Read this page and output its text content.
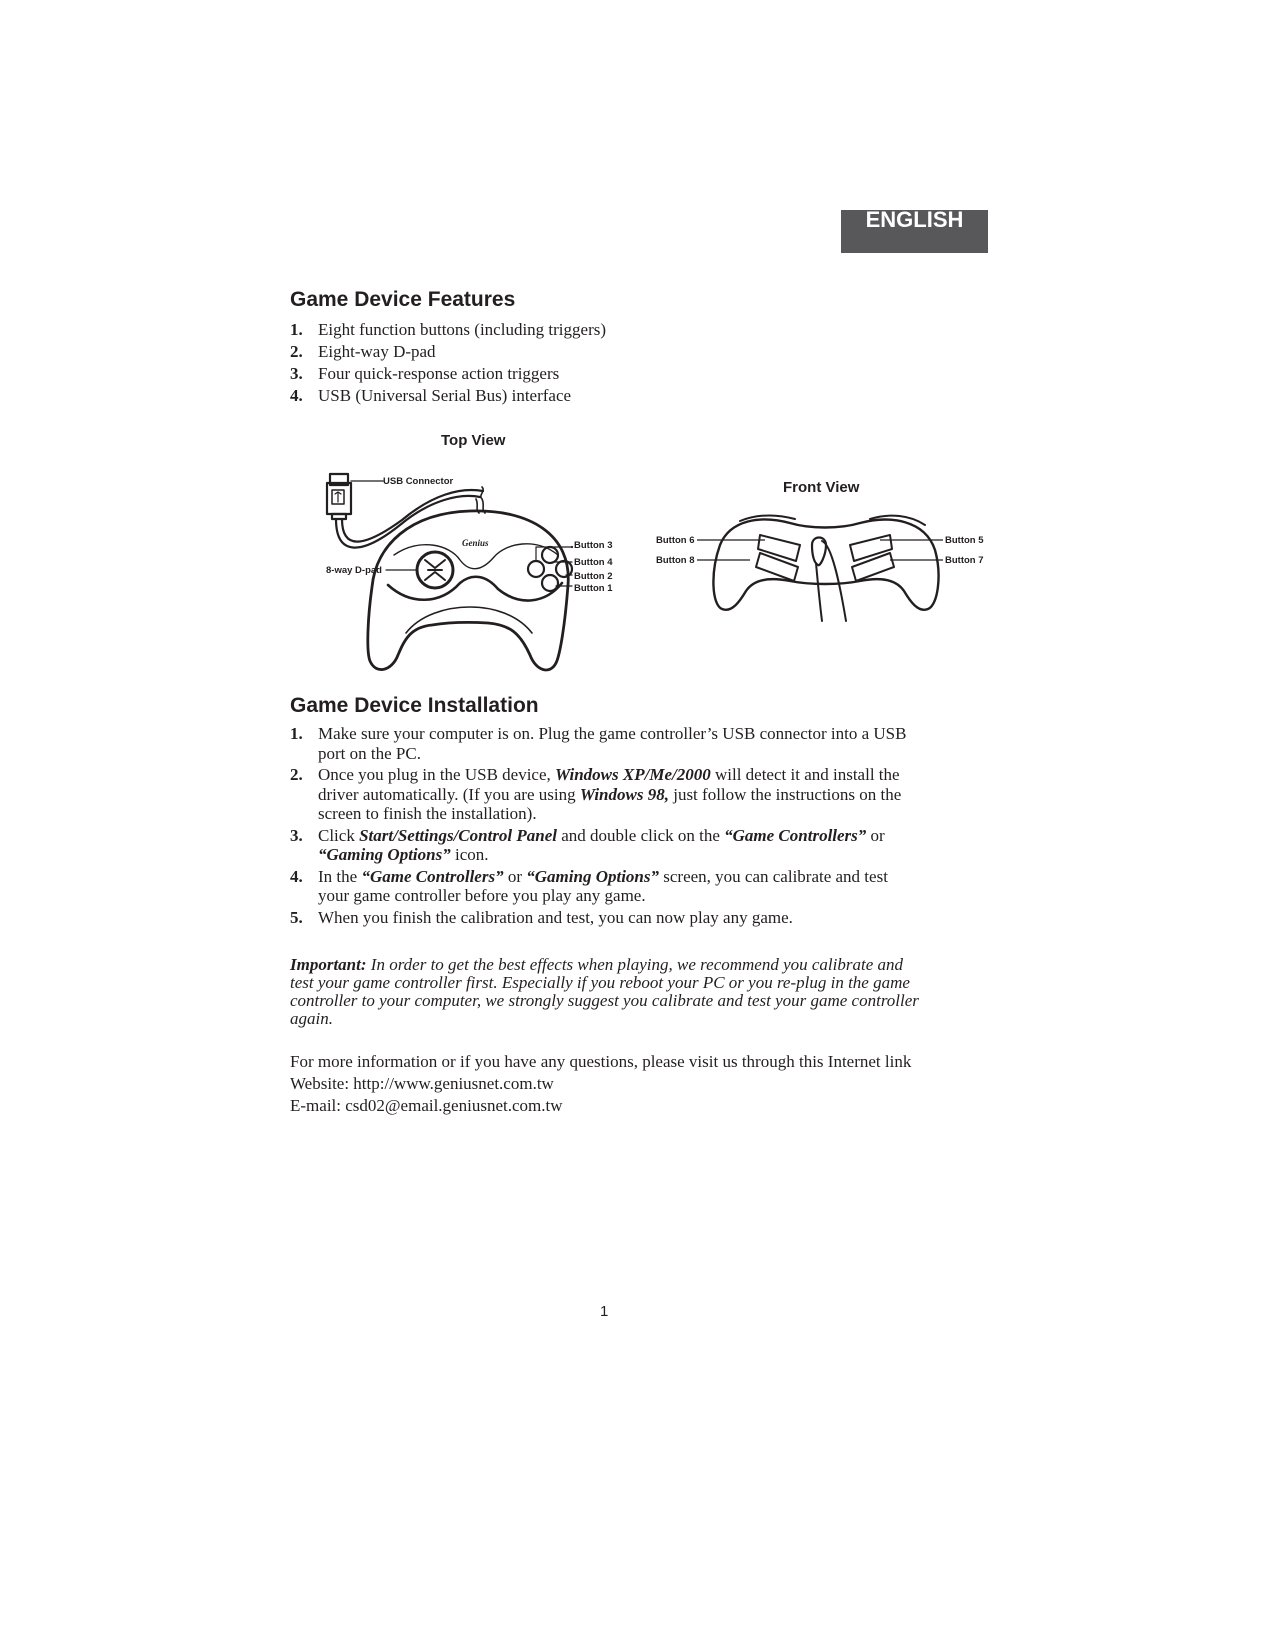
ENGLISH
Game Device Features
1. Eight function buttons (including triggers)
2. Eight-way D-pad
3. Four quick-response action triggers
4. USB (Universal Serial Bus) interface
Top View
USB Connector
8-way D-pad
Button 3
Button 4
Button 2
Button 1
Genius
Front View
Button 6
Button 8
Button 5
Button 7
Game Device Installation
1. Make sure your computer is on. Plug the game controller’s USB connector into a USB port on the PC.
2. Once you plug in the USB device, Windows XP/Me/2000 will detect it and install the driver automatically. (If you are using Windows 98, just follow the instructions on the screen to finish the installation).
3. Click Start/Settings/Control Panel and double click on the “Game Controllers” or “Gaming Options” icon.
4. In the “Game Controllers” or “Gaming Options” screen, you can calibrate and test your game controller before you play any game.
5. When you finish the calibration and test, you can now play any game.
Important: In order to get the best effects when playing, we recommend you calibrate and test your game controller first. Especially if you reboot your PC or you re-plug in the game controller to your computer, we strongly suggest you calibrate and test your game controller again.
For more information or if you have any questions, please visit us through this Internet link
Website: http://www.geniusnet.com.tw
E-mail: csd02@email.geniusnet.com.tw
1
